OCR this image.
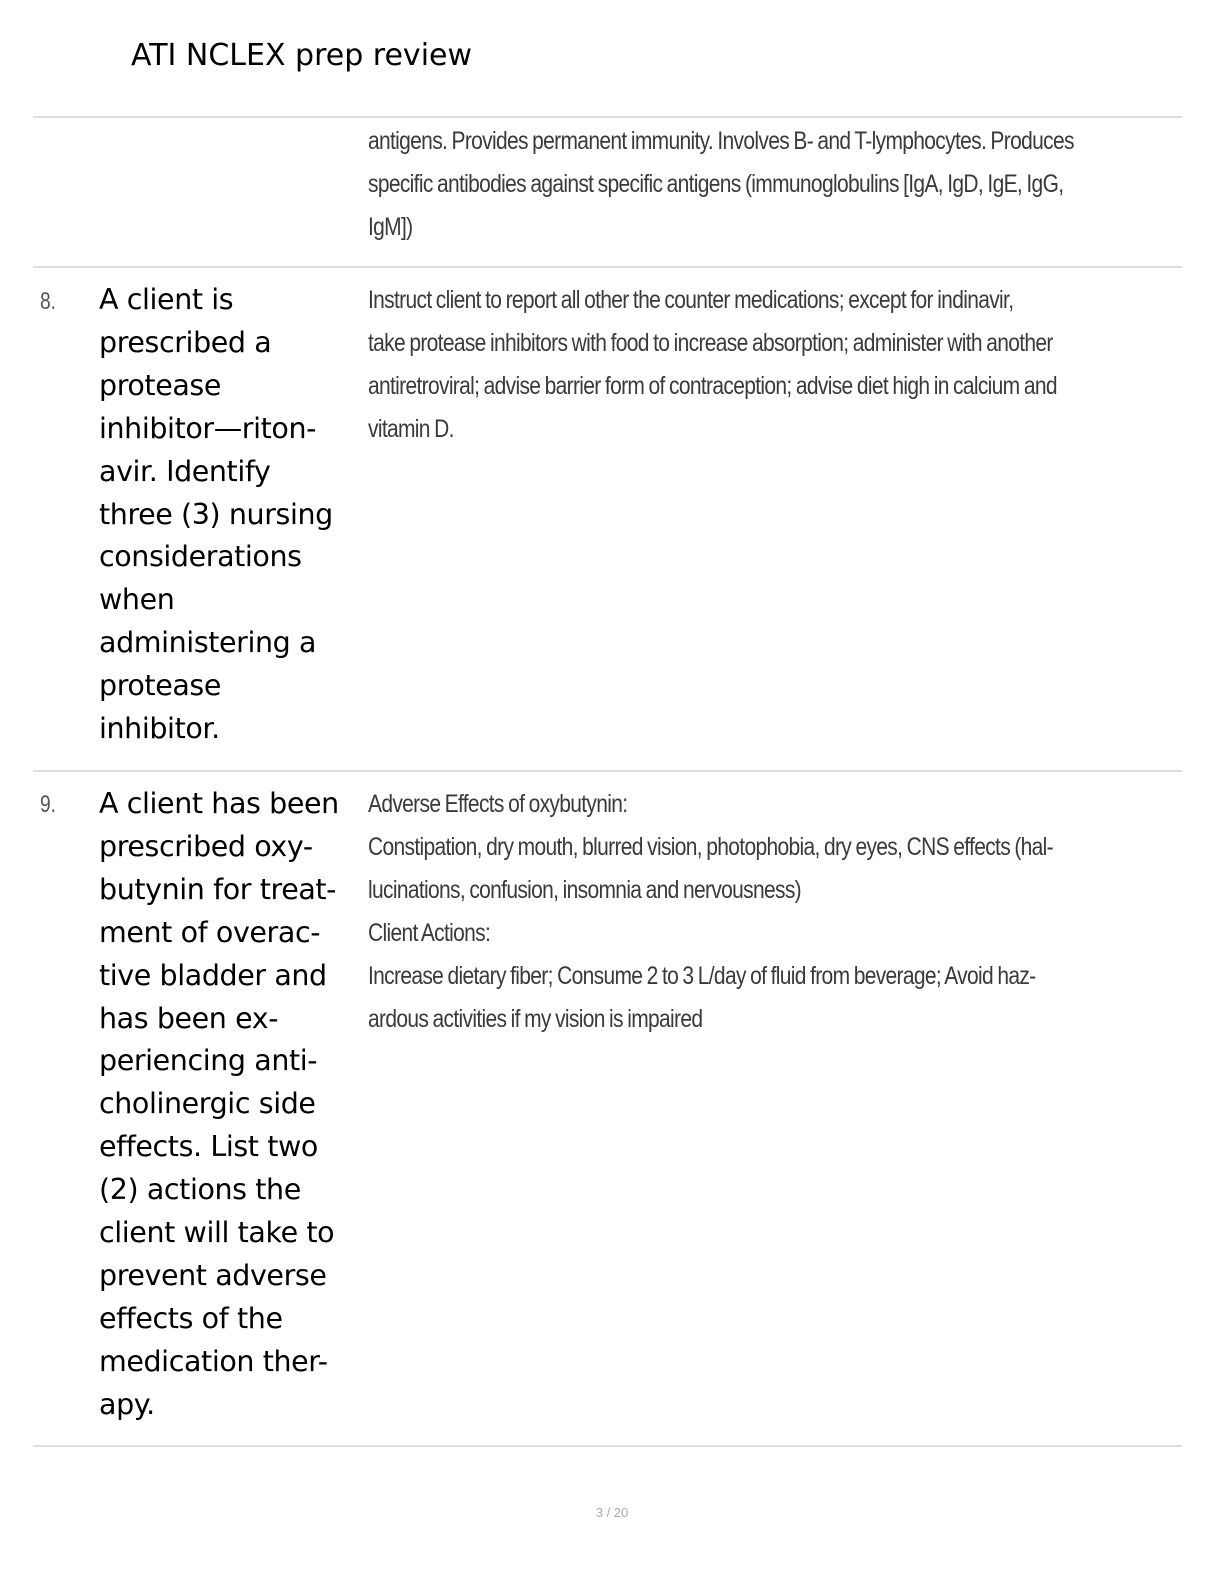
ATI NCLEX prep review
antigens. Provides permanent immunity. Involves B- and T-lymphocytes. Produces
specific antibodies against specific antigens (immunoglobulins [IgA, IgD, IgE, IgG,
IgM])
8. A client is
prescribed a
protease
inhibitor—riton-
avir. Identify
three (3) nursing
considerations
when
administering a
protease
inhibitor.
Instruct client to report all other the counter medications; except for indinavir,
take protease inhibitors with food to increase absorption; administer with another
antiretroviral; advise barrier form of contraception; advise diet high in calcium and
vitamin D.
9. A client has been
prescribed oxy-
butynin for treat-
ment of overac-
tive bladder and
has been ex-
periencing anti-
cholinergic side
effects. List two
(2) actions the
client will take to
prevent adverse
effects of the
medication ther-
apy.
Adverse Effects of oxybutynin:
Constipation, dry mouth, blurred vision, photophobia, dry eyes, CNS effects (hal-
lucinations, confusion, insomnia and nervousness)
Client Actions:
Increase dietary fiber; Consume 2 to 3 L/day of fluid from beverage; Avoid haz-
ardous activities if my vision is impaired
3 / 20
